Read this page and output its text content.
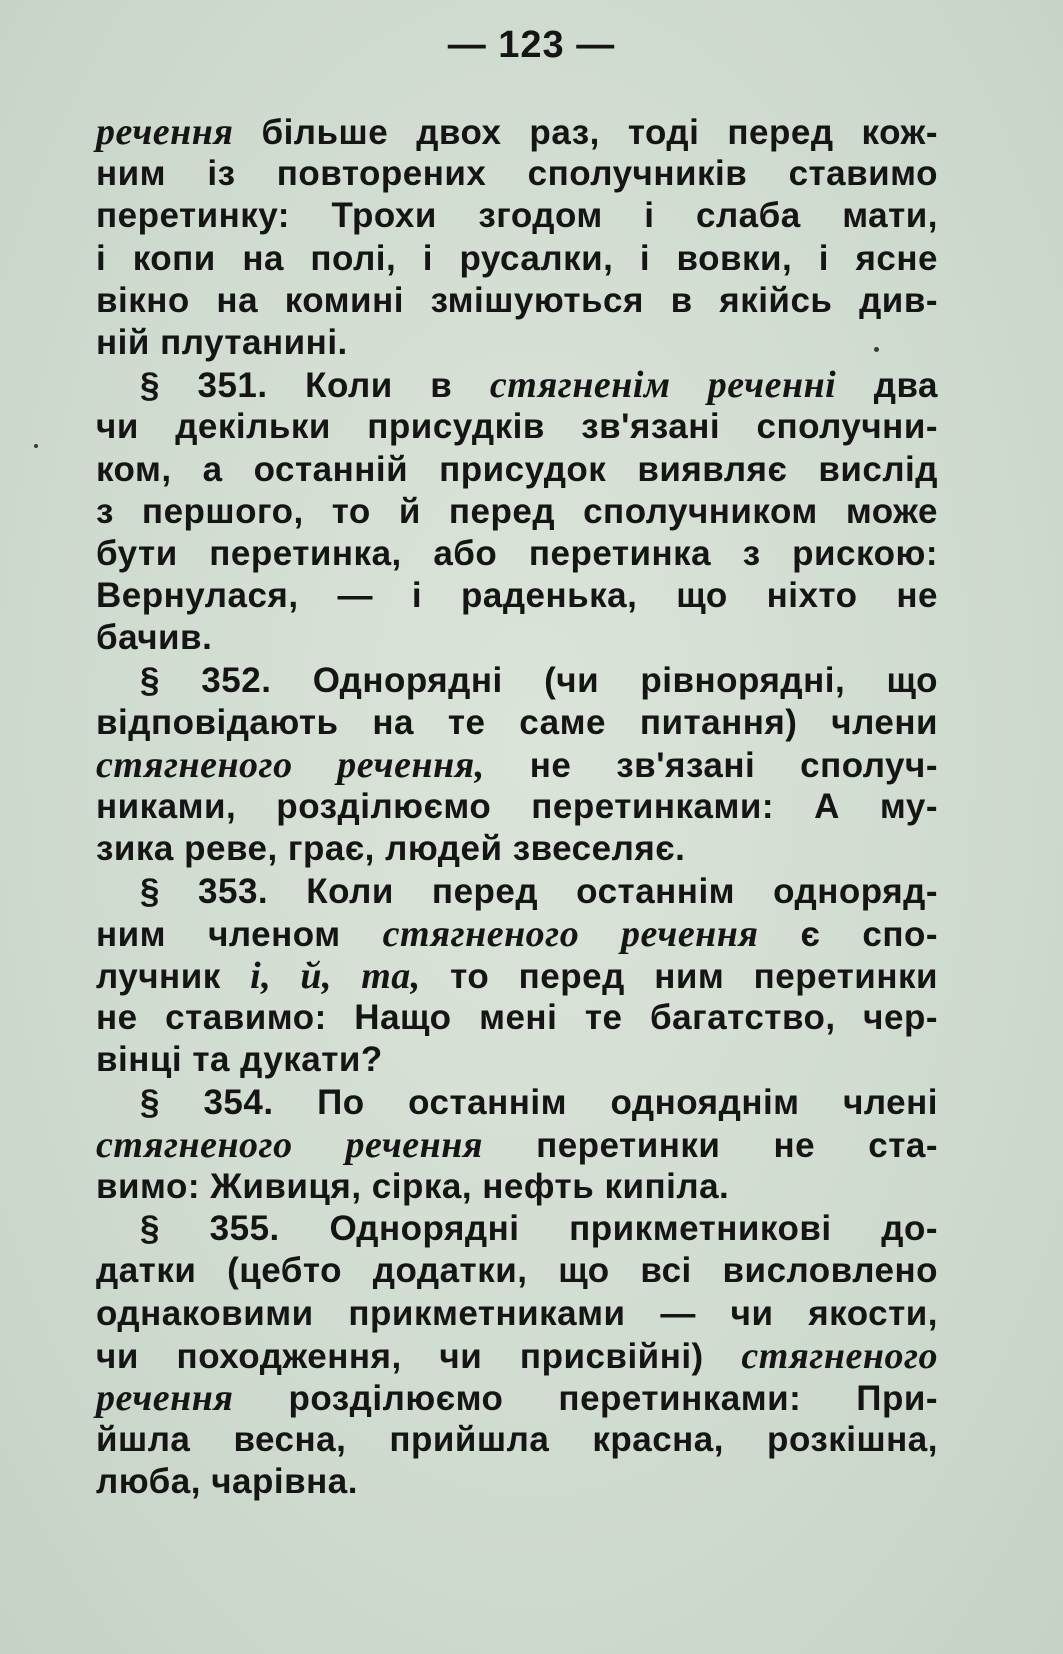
— 123 —
речення більше двох раз, тоді перед кож-
ним із повторених сполучників ставимо
перетинку: Трохи згодом і слаба мати,
і копи на полі, і русалки, і вовки, і ясне
вікно на комині змішуються в якійсь див-
ній плутанині.
§ 351. Коли в стягненім реченні два
чи декільки присудків зв'язані сполучни-
ком, а останній присудок виявляє вислід
з першого, то й перед сполучником може
бути перетинка, або перетинка з рискою:
Вернулася, — і раденька, що ніхто не
бачив.
§ 352. Однорядні (чи рівнорядні, що
відповідають на те саме питання) члени
стягненого речення, не зв'язані сполуч-
никами, розділюємо перетинками: А му-
зика реве, грає, людей звеселяє.
§ 353. Коли перед останнім одноряд-
ним членом стягненого речення є спо-
лучник і, й, та, то перед ним перетинки
не ставимо: Нащо мені те багатство, чер-
вінці та дукати?
§ 354. По останнім однояднім члені
стягненого речення перетинки не ста-
вимо: Живиця, сірка, нефть кипіла.
§ 355. Однорядні прикметникові до-
датки (цебто додатки, що всі висловлено
однаковими прикметниками — чи якости,
чи походження, чи присвійні) стягненого
речення розділюємо перетинками: При-
йшла весна, прийшла красна, розкішна,
люба, чарівна.
